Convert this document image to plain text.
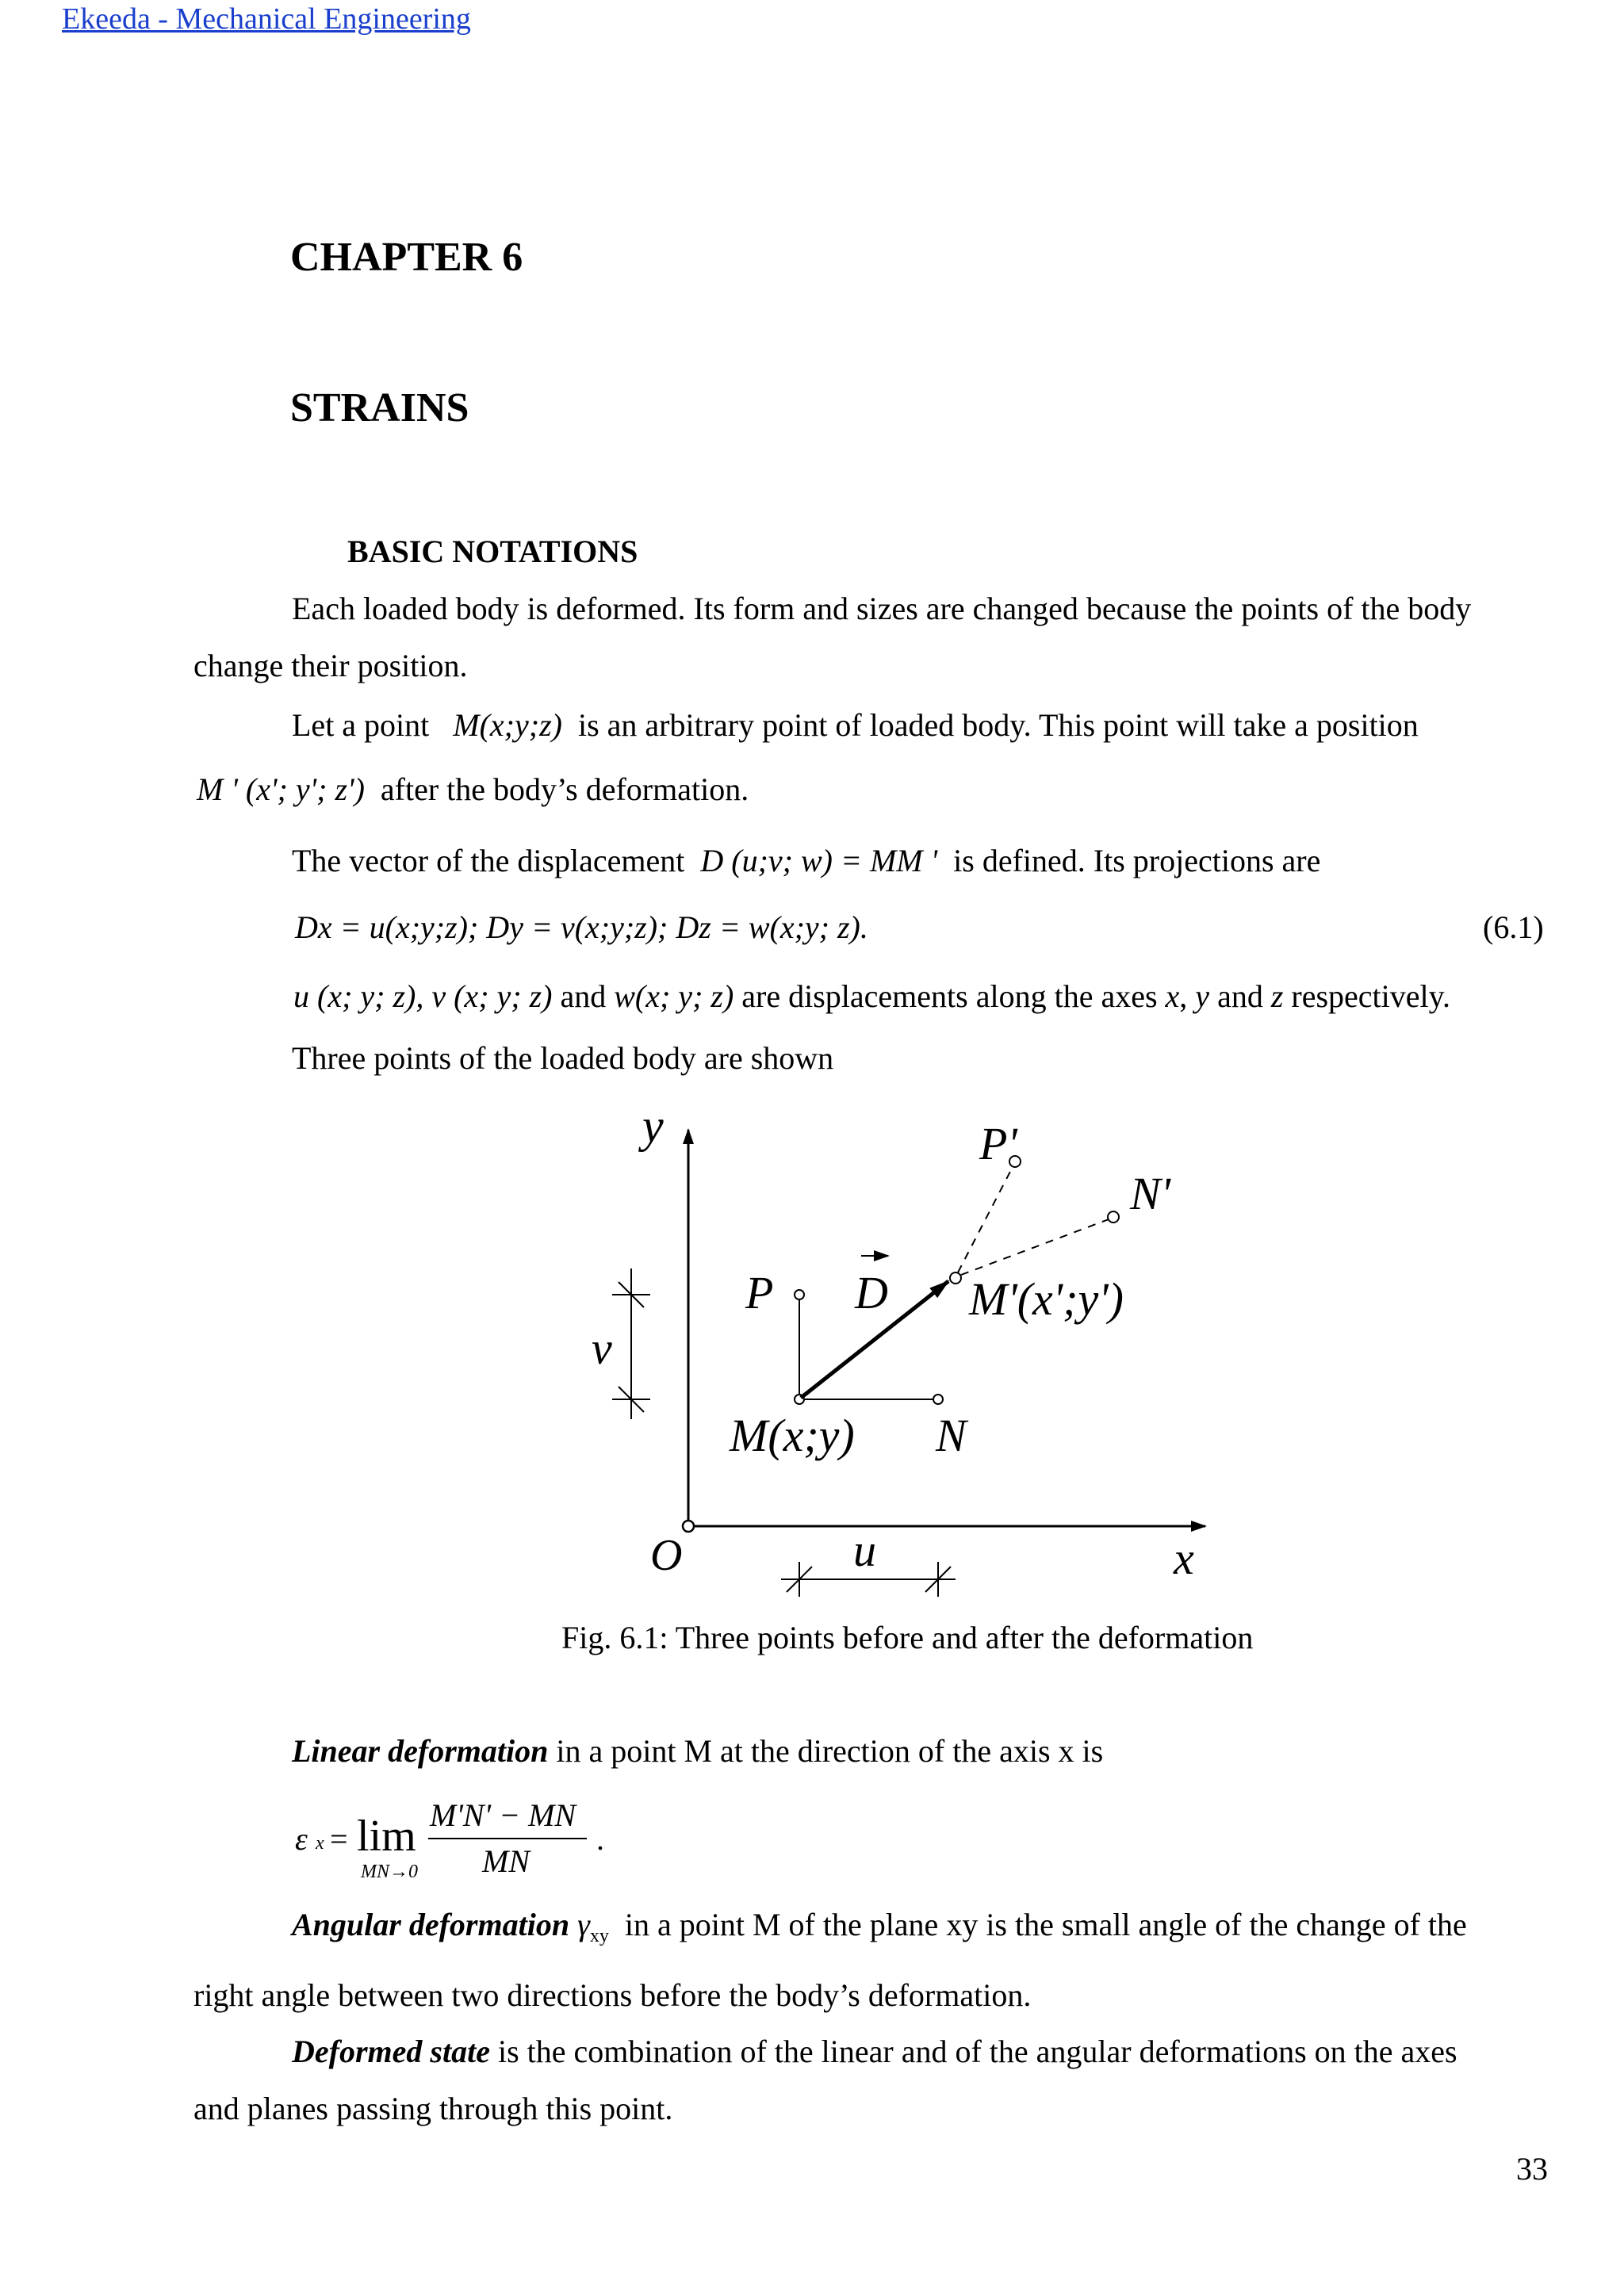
Ekeeda - Mechanical Engineering
CHAPTER 6
STRAINS
BASIC NOTATIONS
Each loaded body is deformed. Its form and sizes are changed because the points of the body
change their position.
Let a point M(x;y;z) is an arbitrary point of loaded body. This point will take a position
M ' (x'; y'; z') after the body’s deformation.
The vector of the displacement D (u;v; w) = MM ' is defined. Its projections are
Dx = u(x;y;z); Dy = v(x;y;z); Dz = w(x;y; z).	(6.1)
u (x; y; z), v (x; y; z) and w(x; y; z) are displacements along the axes x, y and z respectively.
Three points of the loaded body are shown
y
x
O
P D
N
P'
N'
M'(x';y')
M(x;y)
v
u
Fig. 6.1: Three points before and after the deformation
Linear deformation in a point M at the direction of the axis x is
ε x = lim
MN→0
M'N' − MN
MN
.
Angular deformation $\gamma_{xy}$ in a point M of the plane xy is the small angle of the change of the
right angle between two directions before the body’s deformation.
Deformed state is the combination of the linear and of the angular deformations on the axes
and planes passing through this point.
33
